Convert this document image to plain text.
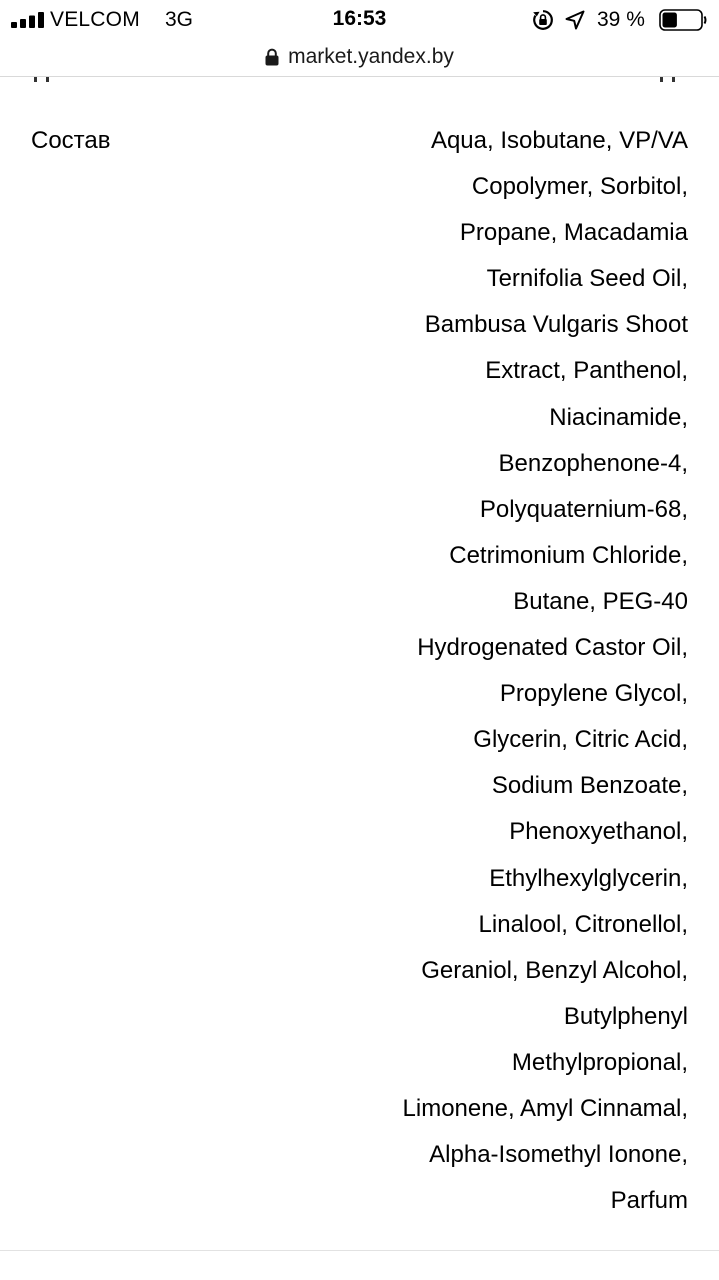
VELCOM 3G	16:53	39 %
market.yandex.by
Состав	Aqua, Isobutane, VP/VA
Copolymer, Sorbitol,
Propane, Macadamia
Ternifolia Seed Oil,
Bambusa Vulgaris Shoot
Extract, Panthenol,
Niacinamide,
Benzophenone-4,
Polyquaternium-68,
Cetrimonium Chloride,
Butane, PEG-40
Hydrogenated Castor Oil,
Propylene Glycol,
Glycerin, Citric Acid,
Sodium Benzoate,
Phenoxyethanol,
Ethylhexylglycerin,
Linalool, Citronellol,
Geraniol, Benzyl Alcohol,
Butylphenyl
Methylpropional,
Limonene, Amyl Cinnamal,
Alpha-Isomethyl Ionone,
Parfum
